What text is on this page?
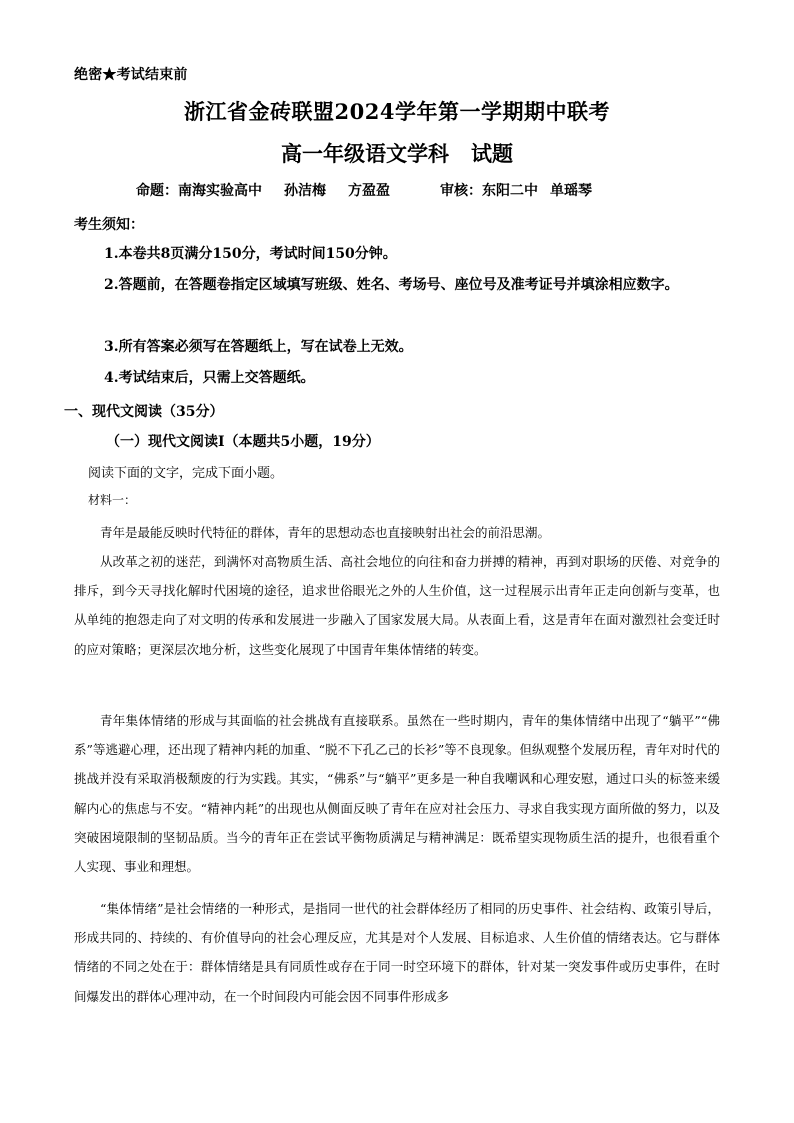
绝密★考试结束前
浙江省金砖联盟2024学年第一学期期中联考
高一年级语文学科 试题
命题：南海实验高中 孙洁梅 方盈盈	审核：东阳二中 单瑶琴
考生须知：
1.本卷共8页满分150分，考试时间150分钟。
2.答题前，在答题卷指定区域填写班级、姓名、考场号、座位号及准考证号并填涂相应数字。
3.所有答案必须写在答题纸上，写在试卷上无效。
4.考试结束后，只需上交答题纸。
一、现代文阅读（35分）
（一）现代文阅读Ⅰ（本题共5小题，19分）
阅读下面的文字，完成下面小题。
材料一：
青年是最能反映时代特征的群体，青年的思想动态也直接映射出社会的前沿思潮。
从改革之初的迷茫，到满怀对高物质生活、高社会地位的向往和奋力拼搏的精神，再到对职场的厌倦、对竞争的排斥，到今天寻找化解时代困境的途径，追求世俗眼光之外的人生价值，这一过程展示出青年正走向创新与变革，也从单纯的抱怨走向了对文明的传承和发展进一步融入了国家发展大局。从表面上看，这是青年在面对激烈社会变迁时的应对策略；更深层次地分析，这些变化展现了中国青年集体情绪的转变。
青年集体情绪的形成与其面临的社会挑战有直接联系。虽然在一些时期内，青年的集体情绪中出现了“躺平”“佛系”等逃避心理，还出现了精神内耗的加重、“脱不下孔乙己的长衫”等不良现象。但纵观整个发展历程，青年对时代的挑战并没有采取消极颓废的行为实践。其实，“佛系”与“躺平”更多是一种自我嘲讽和心理安慰，通过口头的标签来缓解内心的焦虑与不安。“精神内耗”的出现也从侧面反映了青年在应对社会压力、寻求自我实现方面所做的努力，以及突破困境限制的坚韧品质。当今的青年正在尝试平衡物质满足与精神满足：既希望实现物质生活的提升，也很看重个人实现、事业和理想。
“集体情绪”是社会情绪的一种形式，是指同一世代的社会群体经历了相同的历史事件、社会结构、政策引导后，形成共同的、持续的、有价值导向的社会心理反应，尤其是对个人发展、目标追求、人生价值的情绪表达。它与群体情绪的不同之处在于：群体情绪是具有同质性或存在于同一时空环境下的群体，针对某一突发事件或历史事件，在时间爆发出的群体心理冲动，在一个时间段内可能会因不同事件形成多
